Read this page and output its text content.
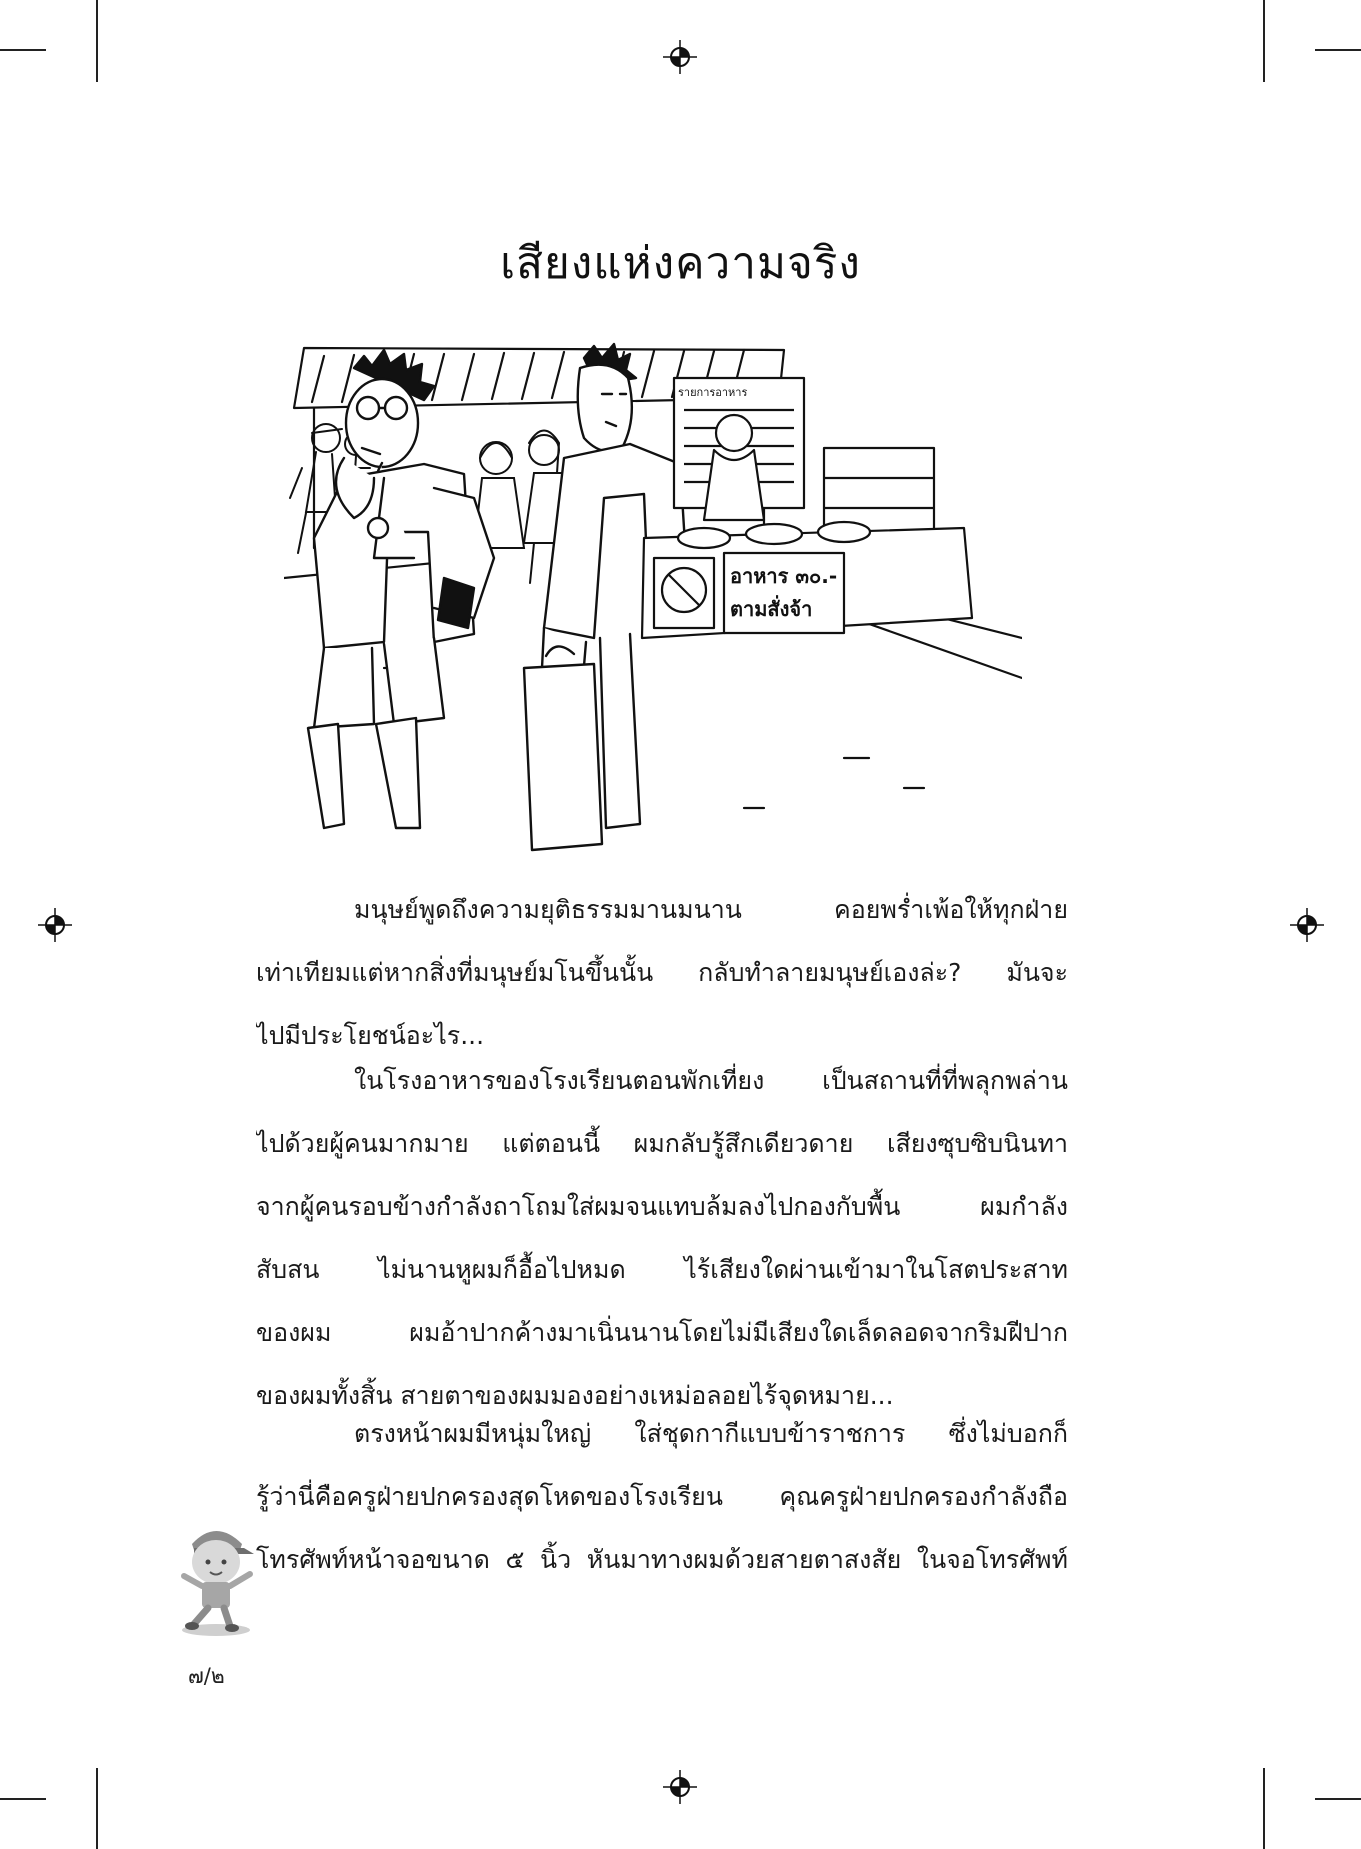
เสียงแห่งความจริง
รายการอาหาร
อาหาร ๓๐.-
ตามสั่งจ้า
มนุษย์พูดถึงความยุติธรรมมานมนาน คอยพร่ำเพ้อให้ทุกฝ่าย
เท่าเทียมแต่หากสิ่งที่มนุษย์มโนขึ้นนั้น กลับทำลายมนุษย์เองล่ะ? มันจะ
ไปมีประโยชน์อะไร...
ในโรงอาหารของโรงเรียนตอนพักเที่ยง เป็นสถานที่ที่พลุกพล่าน
ไปด้วยผู้คนมากมาย แต่ตอนนี้ ผมกลับรู้สึกเดียวดาย เสียงซุบซิบนินทา
จากผู้คนรอบข้างกำลังถาโถมใส่ผมจนแทบล้มลงไปกองกับพื้น ผมกำลัง
สับสน ไม่นานหูผมก็อื้อไปหมด ไร้เสียงใดผ่านเข้ามาในโสตประสาท
ของผม ผมอ้าปากค้างมาเนิ่นนานโดยไม่มีเสียงใดเล็ดลอดจากริมฝีปาก
ของผมทั้งสิ้น สายตาของผมมองอย่างเหม่อลอยไร้จุดหมาย...
ตรงหน้าผมมีหนุ่มใหญ่ ใส่ชุดกากีแบบข้าราชการ ซึ่งไม่บอกก็
รู้ว่านี่คือครูฝ่ายปกครองสุดโหดของโรงเรียน คุณครูฝ่ายปกครองกำลังถือ
โทรศัพท์หน้าจอขนาด ๕ นิ้ว หันมาทางผมด้วยสายตาสงสัย ในจอโทรศัพท์
๗/๒
